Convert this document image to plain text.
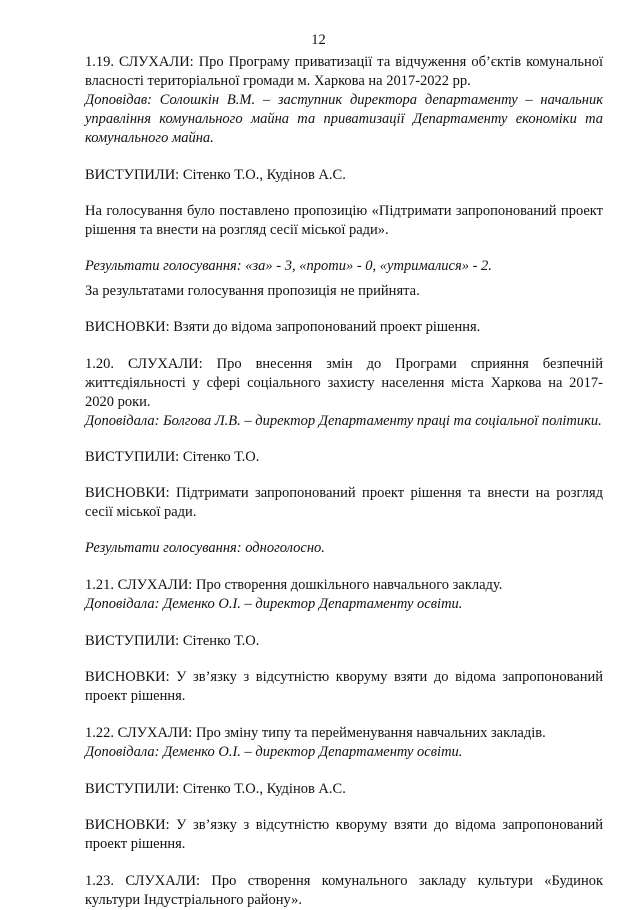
12

1.19. СЛУХАЛИ: Про Програму приватизації та відчуження об’єктів комунальної власності територіальної громади м. Харкова на 2017-2022 рр.

Доповідав: Солошкін В.М. – заступник директора департаменту – начальник управління комунального майна та приватизації Департаменту економіки та комунального майна.

ВИСТУПИЛИ: Сітенко Т.О., Кудінов А.С.

На голосування було поставлено пропозицію «Підтримати запропонований проект рішення та внести на розгляд сесії міської ради».

Результати голосування: «за» - 3, «проти» - 0, «утрималися» - 2.

За результатами голосування пропозиція не прийнята.

ВИСНОВКИ: Взяти до відома запропонований проект рішення.

1.20. СЛУХАЛИ: Про внесення змін до Програми сприяння безпечній життєдіяльності у сфері соціального захисту населення міста Харкова на 2017-2020 роки.

Доповідала: Болгова Л.В. – директор Департаменту праці та соціальної політики.

ВИСТУПИЛИ: Сітенко Т.О.

ВИСНОВКИ: Підтримати запропонований проект рішення та внести на розгляд сесії міської ради.

Результати голосування: одноголосно.

1.21. СЛУХАЛИ: Про створення дошкільного навчального закладу.

Доповідала: Деменко О.І. – директор Департаменту освіти.

ВИСТУПИЛИ: Сітенко Т.О.

ВИСНОВКИ: У зв’язку з відсутністю кворуму взяти до відома запропонований проект рішення.

1.22. СЛУХАЛИ: Про зміну типу та перейменування навчальних закладів.

Доповідала: Деменко О.І. – директор Департаменту освіти.

ВИСТУПИЛИ: Сітенко Т.О., Кудінов А.С.

ВИСНОВКИ: У зв’язку з відсутністю кворуму взяти до відома запропонований проект рішення.

1.23. СЛУХАЛИ: Про створення комунального закладу культури «Будинок культури Індустріального району».
